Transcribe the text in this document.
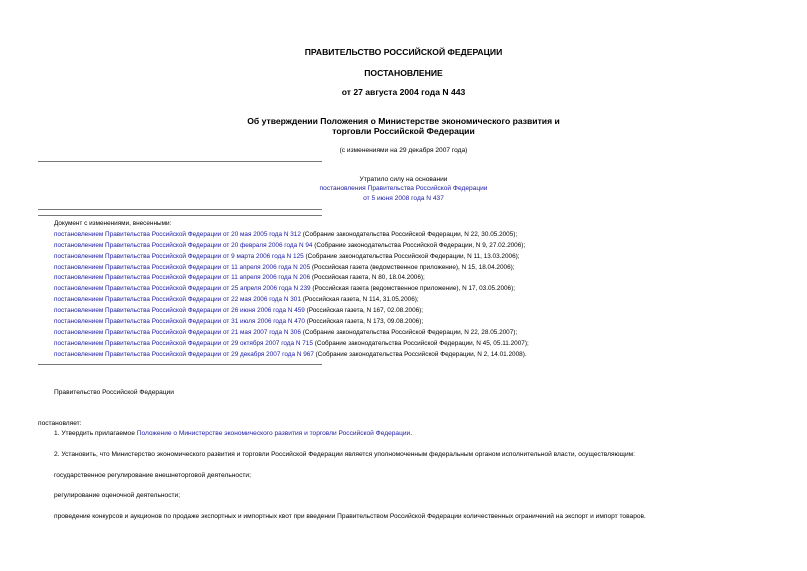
ПРАВИТЕЛЬСТВО РОССИЙСКОЙ ФЕДЕРАЦИИ
ПОСТАНОВЛЕНИЕ
от 27 августа 2004 года N 443
Об утверждении Положения о Министерстве экономического развития и
торговли Российской Федерации
(с изменениями на 29 декабря 2007 года)
Утратило силу на основании
постановления Правительства Российской Федерации
от 5 июня 2008 года N 437
Документ с изменениями, внесенными:
постановлением Правительства Российской Федерации от 20 мая 2005 года N 312 (Собрание законодательства Российской Федерации, N 22, 30.05.2005);
постановлением Правительства Российской Федерации от 20 февраля 2006 года N 94 (Собрание законодательства Российской Федерации, N 9, 27.02.2006);
постановлением Правительства Российской Федерации от 9 марта 2006 года N 125 (Собрание законодательства Российской Федерации, N 11, 13.03.2006);
постановлением Правительства Российской Федерации от 11 апреля 2006 года N 205 (Российская газета (ведомственное приложение), N 15, 18.04.2006);
постановлением Правительства Российской Федерации от 11 апреля 2006 года N 206 (Российская газета, N 80, 18.04.2006);
постановлением Правительства Российской Федерации от 25 апреля 2006 года N 239 (Российская газета (ведомственное приложение), N 17, 03.05.2006);
постановлением Правительства Российской Федерации от 22 мая 2006 года N 301 (Российская газета, N 114, 31.05.2006);
постановлением Правительства Российской Федерации от 26 июня 2006 года N 459 (Российская газета, N 167, 02.08.2006);
постановлением Правительства Российской Федерации от 31 июля 2006 года N 470 (Российская газета, N 173, 09.08.2006);
постановлением Правительства Российской Федерации от 21 мая 2007 года N 306 (Собрание законодательства Российской Федерации, N 22, 28.05.2007);
постановлением Правительства Российской Федерации от 29 октября 2007 года N 715 (Собрание законодательства Российской Федерации, N 45, 05.11.2007);
постановлением Правительства Российской Федерации от 29 декабря 2007 года N 967 (Собрание законодательства Российской Федерации, N 2, 14.01.2008).
Правительство Российской Федерации
постановляет:
1. Утвердить прилагаемое Положение о Министерстве экономического развития и торговли Российской Федерации.
2. Установить, что Министерство экономического развития и торговли Российской Федерации является уполномоченным федеральным органом исполнительной власти, осуществляющим:
государственное регулирование внешнеторговой деятельности;
регулирование оценочной деятельности;
проведение конкурсов и аукционов по продаже экспортных и импортных квот при введении Правительством Российской Федерации количественных ограничений на экспорт и импорт товаров.
